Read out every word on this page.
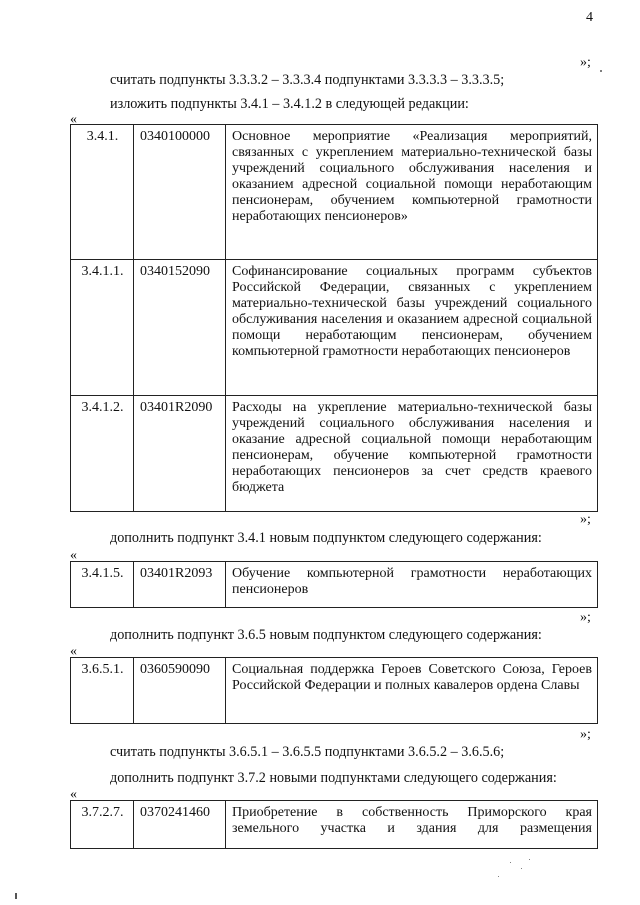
4
»;
считать подпункты 3.3.3.2 – 3.3.3.4 подпунктами 3.3.3.3 – 3.3.3.5;
изложить подпункты 3.4.1 – 3.4.1.2 в следующей редакции:
«
3.4.1.	0340100000	Основное мероприятие «Реализация мероприятий, связанных с укреплением материально-технической базы учреждений социального обслуживания населения и оказанием адресной социальной помощи неработающим пенсионерам, обучением компьютерной грамотности неработающих пенсионеров»
3.4.1.1.	0340152090	Софинансирование социальных программ субъектов Российской Федерации, связанных с укреплением материально-технической базы учреждений социального обслуживания населения и оказанием адресной социальной помощи неработающим пенсионерам, обучением компьютерной грамотности неработающих пенсионеров
3.4.1.2.	03401R2090	Расходы на укрепление материально-технической базы учреждений социального обслуживания населения и оказание адресной социальной помощи неработающим пенсионерам, обучение компьютерной грамотности неработающих пенсионеров за счет средств краевого бюджета
»;
дополнить подпункт 3.4.1 новым подпунктом следующего содержания:
«
3.4.1.5.	03401R2093	Обучение компьютерной грамотности неработающих пенсионеров
»;
дополнить подпункт 3.6.5 новым подпунктом следующего содержания:
«
3.6.5.1.	0360590090	Социальная поддержка Героев Советского Союза, Героев Российской Федерации и полных кавалеров ордена Славы
»;
считать подпункты 3.6.5.1 – 3.6.5.5 подпунктами 3.6.5.2 – 3.6.5.6;
дополнить подпункт 3.7.2 новыми подпунктами следующего содержания:
«
3.7.2.7.	0370241460	Приобретение в собственность Приморского края земельного участка и здания для размещения
